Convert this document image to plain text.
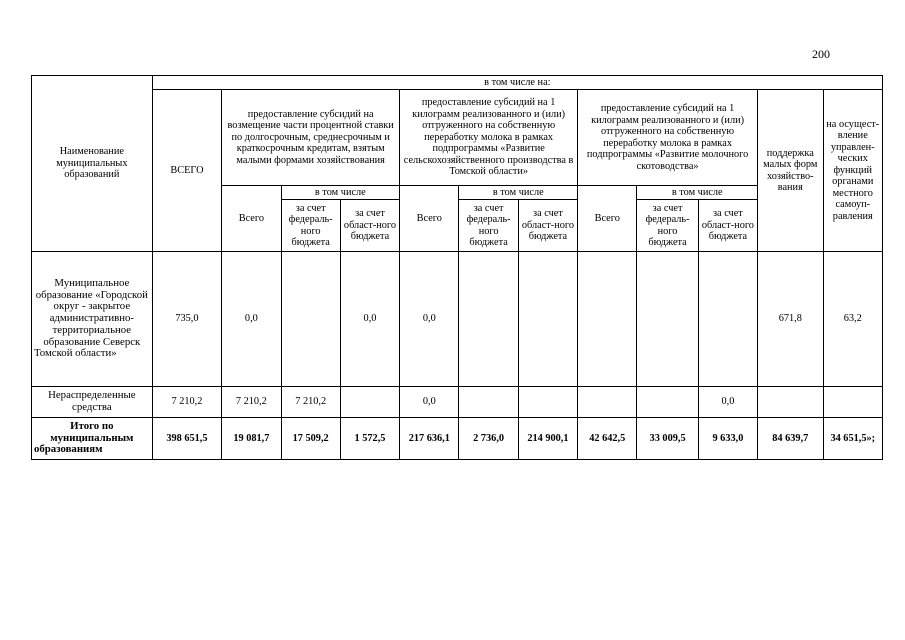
200
Наименование муниципальных образований	в том числе на:											
	ВСЕГО	предоставление субсидий на возмещение части процентной ставки по долгосрочным, среднесрочным и краткосрочным кредитам, взятым малыми формами хозяйствования			предоставление субсидий на 1 килограмм реализованного и (или) отгруженного на собственную переработку молока в рамках подпрограммы «Развитие сельскохозяйственного производства в Томской области»			предоставление субсидий на 1 килограмм реализованного и (или) отгруженного на собственную переработку молока в рамках подпрограммы «Развитие молочного скотоводства»			поддержка малых форм хозяйство-вания	на осущест-вление управлен-ческих функций органами местного самоуп-равления
		Всего	в том числе		Всего	в том числе		Всего	в том числе			
			за счет федераль-ного бюджета	за счет област-ного бюджета		за счет федераль-ного бюджета	за счет област-ного бюджета		за счет федераль-ного бюджета	за счет област-ного бюджета		
Муниципальное образование «Городской округ - закрытое административно-территориальное образование Северск Томской области»	735,0	0,0		0,0	0,0						671,8	63,2
Нераспределенные средства	7 210,2	7 210,2	7 210,2		0,0					0,0		
Итого по муниципальным образованиям	398 651,5	19 081,7	17 509,2	1 572,5	217 636,1	2 736,0	214 900,1	42 642,5	33 009,5	9 633,0	84 639,7	34 651,5»;
